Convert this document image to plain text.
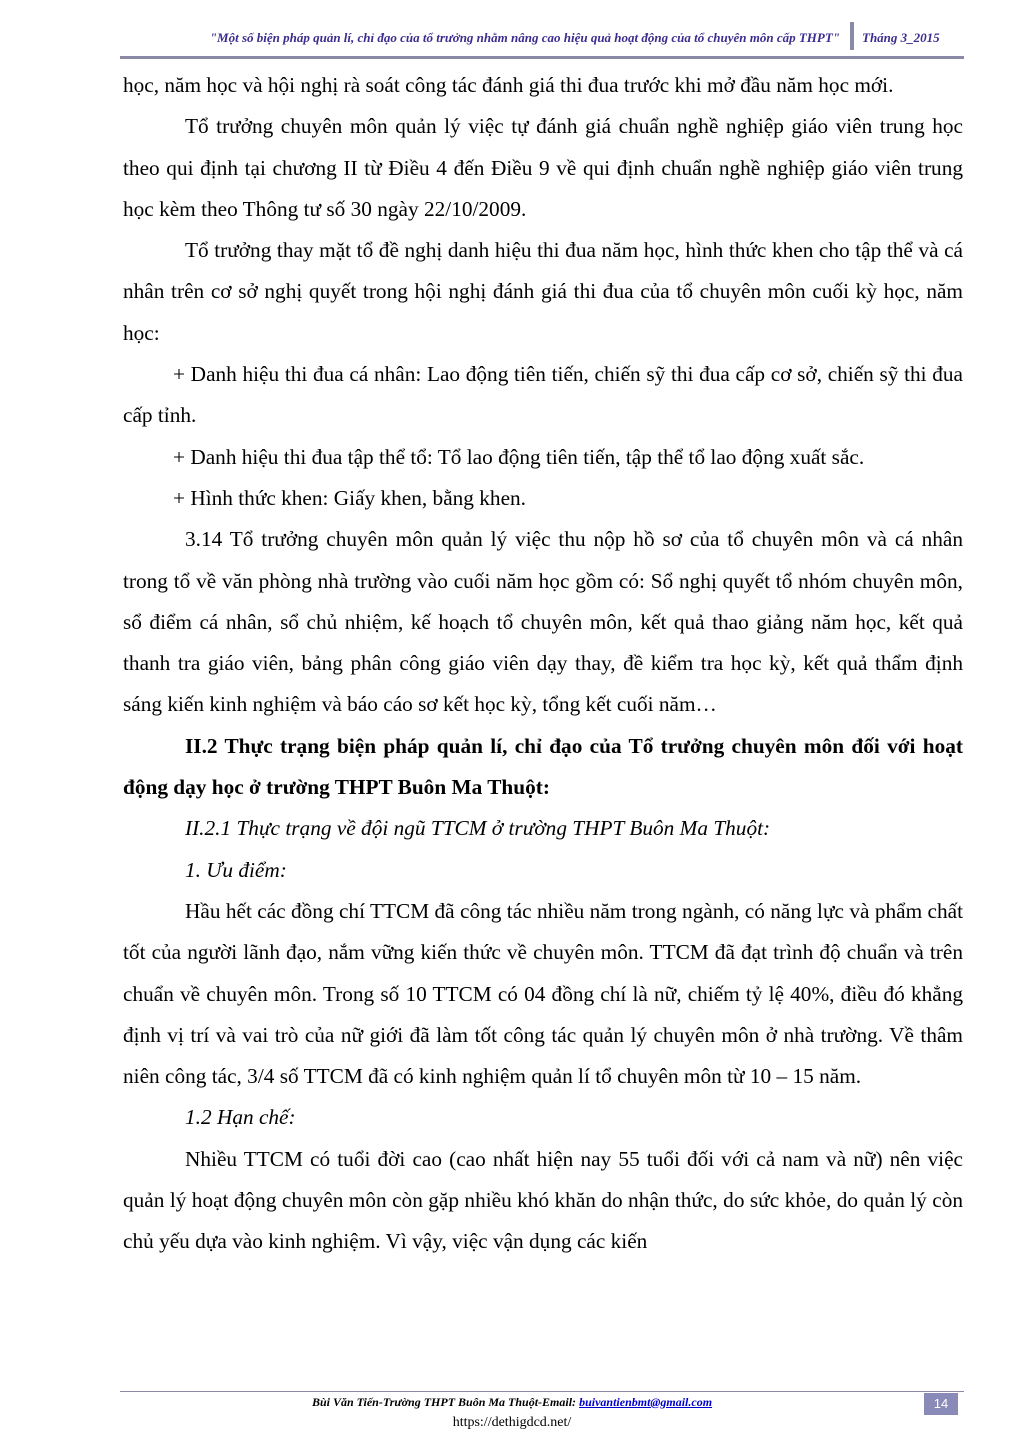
"Một số biện pháp quản lí, chỉ đạo của tổ trưởng nhằm nâng cao hiệu quả hoạt động của tổ chuyên môn cấp THPT" Tháng 3_2015

học, năm học và hội nghị rà soát công tác đánh giá thi đua trước khi mở đầu năm học mới.

Tổ trưởng chuyên môn quản lý việc tự đánh giá chuẩn nghề nghiệp giáo viên trung học theo qui định tại chương II từ Điều 4 đến Điều 9 về qui định chuẩn nghề nghiệp giáo viên trung học kèm theo Thông tư số 30 ngày 22/10/2009.

Tổ trưởng thay mặt tổ đề nghị danh hiệu thi đua năm học, hình thức khen cho tập thể và cá nhân trên cơ sở nghị quyết trong hội nghị đánh giá thi đua của tổ chuyên môn cuối kỳ học, năm học:

+ Danh hiệu thi đua cá nhân: Lao động tiên tiến, chiến sỹ thi đua cấp cơ sở, chiến sỹ thi đua cấp tỉnh.

+ Danh hiệu thi đua tập thể tổ: Tổ lao động tiên tiến, tập thể tổ lao động xuất sắc.

+ Hình thức khen: Giấy khen, bằng khen.

3.14 Tổ trưởng chuyên môn quản lý việc thu nộp hồ sơ của tổ chuyên môn và cá nhân trong tổ về văn phòng nhà trường vào cuối năm học gồm có: Sổ nghị quyết tổ nhóm chuyên môn, sổ điểm cá nhân, sổ chủ nhiệm, kế hoạch tổ chuyên môn, kết quả thao giảng năm học, kết quả thanh tra giáo viên, bảng phân công giáo viên dạy thay, đề kiểm tra học kỳ, kết quả thẩm định sáng kiến kinh nghiệm và báo cáo sơ kết học kỳ, tổng kết cuối năm…

II.2 Thực trạng biện pháp quản lí, chỉ đạo của Tổ trưởng chuyên môn đối với hoạt động dạy học ở trường THPT Buôn Ma Thuột:

II.2.1 Thực trạng về đội ngũ TTCM ở trường THPT Buôn Ma Thuột:

1. Ưu điểm:

Hầu hết các đồng chí TTCM đã công tác nhiều năm trong ngành, có năng lực và phẩm chất tốt của người lãnh đạo, nắm vững kiến thức về chuyên môn. TTCM đã đạt trình độ chuẩn và trên chuẩn về chuyên môn. Trong số 10 TTCM có 04 đồng chí là nữ, chiếm tỷ lệ 40%, điều đó khẳng định vị trí và vai trò của nữ giới đã làm tốt công tác quản lý chuyên môn ở nhà trường. Về thâm niên công tác, 3/4 số TTCM đã có kinh nghiệm quản lí tổ chuyên môn từ 10 – 15 năm.

1.2 Hạn chế:

Nhiều TTCM có tuổi đời cao (cao nhất hiện nay 55 tuổi đối với cả nam và nữ) nên việc quản lý hoạt động chuyên môn còn gặp nhiều khó khăn do nhận thức, do sức khỏe, do quản lý còn chủ yếu dựa vào kinh nghiệm. Vì vậy, việc vận dụng các kiến

Bùi Văn Tiến-Trường THPT Buôn Ma Thuột-Email: buivantienbmt@gmail.com	14
https://dethigdcd.net/
